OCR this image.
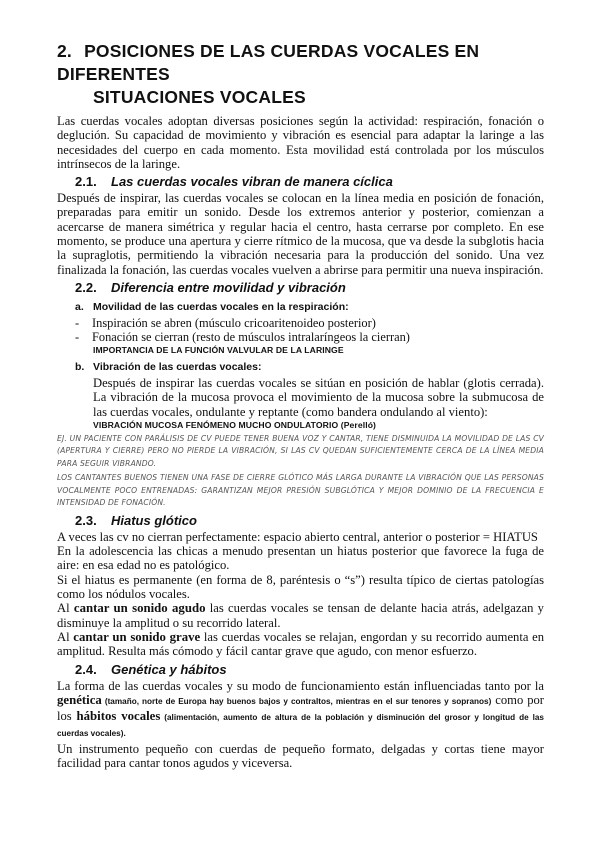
2. POSICIONES DE LAS CUERDAS VOCALES EN DIFERENTES
SITUACIONES VOCALES

Las cuerdas vocales adoptan diversas posiciones según la actividad: respiración, fonación o deglución. Su capacidad de movimiento y vibración es esencial para adaptar la laringe a las necesidades del cuerpo en cada momento. Esta movilidad está controlada por los músculos intrínsecos de la laringe.

2.1. Las cuerdas vocales vibran de manera cíclica

Después de inspirar, las cuerdas vocales se colocan en la línea media en posición de fonación, preparadas para emitir un sonido. Desde los extremos anterior y posterior, comienzan a acercarse de manera simétrica y regular hacia el centro, hasta cerrarse por completo. En ese momento, se produce una apertura y cierre rítmico de la mucosa, que va desde la subglotis hacia la supraglotis, permitiendo la vibración necesaria para la producción del sonido. Una vez finalizada la fonación, las cuerdas vocales vuelven a abrirse para permitir una nueva inspiración.

2.2. Diferencia entre movilidad y vibración
a. Movilidad de las cuerdas vocales en la respiración:
- Inspiración se abren (músculo cricoaritenoideo posterior)
- Fonación se cierran (resto de músculos intralaríngeos la cierran)
IMPORTANCIA DE LA FUNCIÓN VALVULAR DE LA LARINGE
b. Vibración de las cuerdas vocales:

Después de inspirar las cuerdas vocales se sitúan en posición de hablar (glotis cerrada). La vibración de la mucosa provoca el movimiento de la mucosa sobre la submucosa de las cuerdas vocales, ondulante y reptante (como bandera ondulando al viento):

VIBRACIÓN MUCOSA FENÓMENO MUCHO ONDULATORIO (Perelló)

EJ. UN PACIENTE CON PARÁLISIS DE CV PUEDE TENER BUENA VOZ Y CANTAR, TIENE DISMINUIDA LA MOVILIDAD DE LAS CV (APERTURA Y CIERRE) PERO NO PIERDE LA VIBRACIÓN, SI LAS CV QUEDAN SUFICIENTEMENTE CERCA DE LA LÍNEA MEDIA PARA SEGUIR VIBRANDO.

LOS CANTANTES BUENOS TIENEN UNA FASE DE CIERRE GLÓTICO MÁS LARGA DURANTE LA VIBRACIÓN QUE LAS PERSONAS VOCALMENTE POCO ENTRENADAS: GARANTIZAN MEJOR PRESIÓN SUBGLÓTICA Y MEJOR DOMINIO DE LA FRECUENCIA E INTENSIDAD DE FONACIÓN.

2.3. Hiatus glótico

A veces las cv no cierran perfectamente: espacio abierto central, anterior o posterior = HIATUS

En la adolescencia las chicas a menudo presentan un hiatus posterior que favorece la fuga de aire: en esa edad no es patológico.

Si el hiatus es permanente (en forma de 8, paréntesis o “s”) resulta típico de ciertas patologías como los nódulos vocales.

Al cantar un sonido agudo las cuerdas vocales se tensan de delante hacia atrás, adelgazan y disminuye la amplitud o su recorrido lateral.

Al cantar un sonido grave las cuerdas vocales se relajan, engordan y su recorrido aumenta en amplitud. Resulta más cómodo y fácil cantar grave que agudo, con menor esfuerzo.

2.4. Genética y hábitos

La forma de las cuerdas vocales y su modo de funcionamiento están influenciadas tanto por la genética (tamaño, norte de Europa hay buenos bajos y contraltos, mientras en el sur tenores y sopranos) como por los hábitos vocales (alimentación, aumento de altura de la población y disminución del grosor y longitud de las cuerdas vocales).

Un instrumento pequeño con cuerdas de pequeño formato, delgadas y cortas tiene mayor facilidad para cantar tonos agudos y viceversa.
